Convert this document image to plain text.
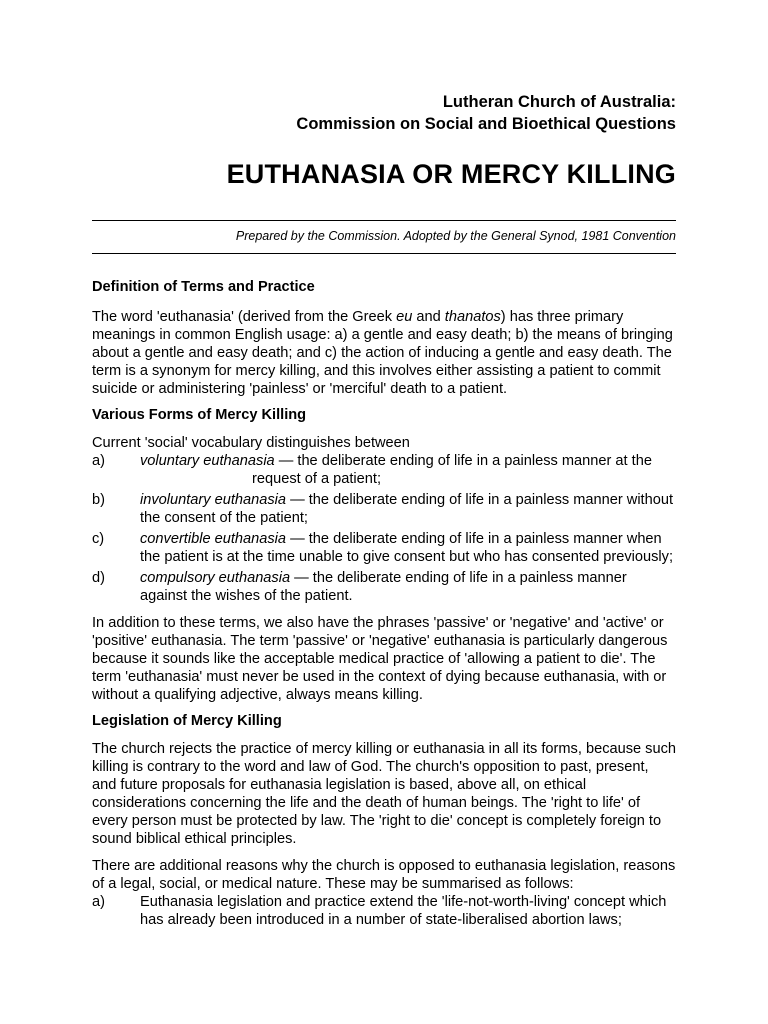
Lutheran Church of Australia:
Commission on Social and Bioethical Questions
EUTHANASIA OR MERCY KILLING
Prepared by the Commission. Adopted by the General Synod, 1981 Convention
Definition of Terms and Practice

The word 'euthanasia' (derived from the Greek eu and thanatos) has three primary meanings in common English usage: a) a gentle and easy death; b) the means of bringing about a gentle and easy death; and c) the action of inducing a gentle and easy death. The term is a synonym for mercy killing, and this involves either assisting a patient to commit suicide or administering 'painless' or 'merciful' death to a patient.

Various Forms of Mercy Killing

Current 'social' vocabulary distinguishes between

a)	voluntary euthanasia — the deliberate ending of life in a painless manner at therequest of a patient;
b)	involuntary euthanasia — the deliberate ending of life in a painless manner without the consent of the patient;
c)	convertible euthanasia — the deliberate ending of life in a painless manner when the patient is at the time unable to give consent but who has consented previously;
d)	compulsory euthanasia — the deliberate ending of life in a painless manner against the wishes of the patient.

In addition to these terms, we also have the phrases 'passive' or 'negative' and 'active' or 'positive' euthanasia. The term 'passive' or 'negative' euthanasia is particularly dangerous because it sounds like the acceptable medical practice of 'allowing a patient to die'. The term 'euthanasia' must never be used in the context of dying because euthanasia, with or without a qualifying adjective, always means killing.

Legislation of Mercy Killing

The church rejects the practice of mercy killing or euthanasia in all its forms, because such killing is contrary to the word and law of God. The church's opposition to past, present, and future proposals for euthanasia legislation is based, above all, on ethical considerations concerning the life and the death of human beings. The 'right to life' of every person must be protected by law. The 'right to die' concept is completely foreign to sound biblical ethical principles.

There are additional reasons why the church is opposed to euthanasia legislation, reasons of a legal, social, or medical nature. These may be summarised as follows:

a)	Euthanasia legislation and practice extend the 'life-not-worth-living' concept which has already been introduced in a number of state-liberalised abortion laws;
